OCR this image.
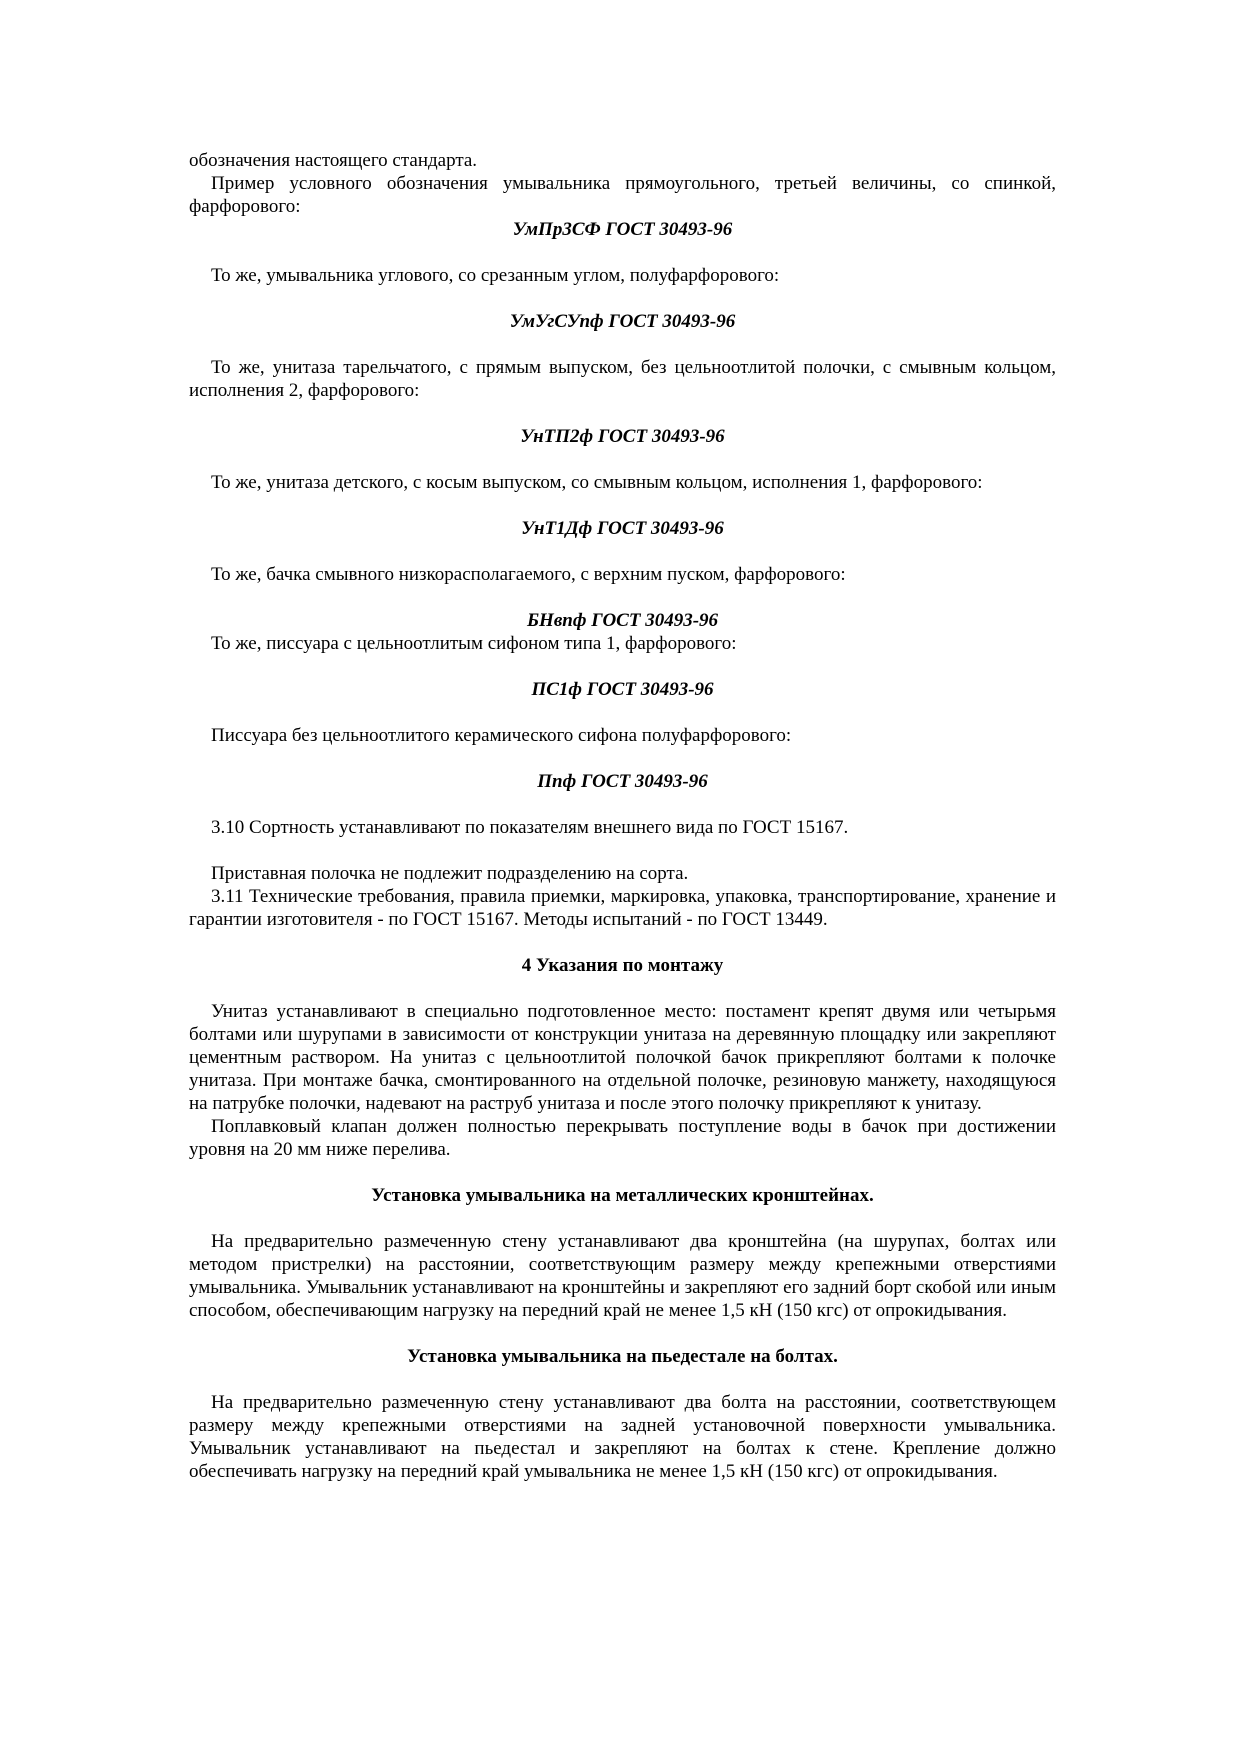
обозначения настоящего стандарта.

Пример условного обозначения умывальника прямоугольного, третьей величины, со спинкой, фарфорового:

УмПр3СФ ГОСТ 30493-96

То же, умывальника углового, со срезанным углом, полуфарфорового:

УмУгСУпф ГОСТ 30493-96

То же, унитаза тарельчатого, с прямым выпуском, без цельноотлитой полочки, с смывным кольцом, исполнения 2, фарфорового:

УнТП2ф ГОСТ 30493-96

То же, унитаза детского, с косым выпуском, со смывным кольцом, исполнения 1, фарфорового:

УнТ1Дф ГОСТ 30493-96

То же, бачка смывного низкорасполагаемого, с верхним пуском, фарфорового:

БНвпф ГОСТ 30493-96

То же, писсуара с цельноотлитым сифоном типа 1, фарфорового:

ПС1ф ГОСТ 30493-96

Писсуара без цельноотлитого керамического сифона полуфарфорового:

Ппф ГОСТ 30493-96

3.10 Сортность устанавливают по показателям внешнего вида по ГОСТ 15167.

Приставная полочка не подлежит подразделению на сорта.

3.11 Технические требования, правила приемки, маркировка, упаковка, транспортирование, хранение и гарантии изготовителя - по ГОСТ 15167. Методы испытаний - по ГОСТ 13449.

4 Указания по монтажу

Унитаз устанавливают в специально подготовленное место: постамент крепят двумя или четырьмя болтами или шурупами в зависимости от конструкции унитаза на деревянную площадку или закрепляют цементным раствором. На унитаз с цельноотлитой полочкой бачок прикрепляют болтами к полочке унитаза. При монтаже бачка, смонтированного на отдельной полочке, резиновую манжету, находящуюся на патрубке полочки, надевают на раструб унитаза и после этого полочку прикрепляют к унитазу.

Поплавковый клапан должен полностью перекрывать поступление воды в бачок при достижении уровня на 20 мм ниже перелива.

Установка умывальника на металлических кронштейнах.

На предварительно размеченную стену устанавливают два кронштейна (на шурупах, болтах или методом пристрелки) на расстоянии, соответствующим размеру между крепежными отверстиями умывальника. Умывальник устанавливают на кронштейны и закрепляют его задний борт скобой или иным способом, обеспечивающим нагрузку на передний край не менее 1,5 кН (150 кгс) от опрокидывания.

Установка умывальника на пьедестале на болтах.

На предварительно размеченную стену устанавливают два болта на расстоянии, соответствующем размеру между крепежными отверстиями на задней установочной поверхности умывальника. Умывальник устанавливают на пьедестал и закрепляют на болтах к стене. Крепление должно обеспечивать нагрузку на передний край умывальника не менее 1,5 кН (150 кгс) от опрокидывания.
